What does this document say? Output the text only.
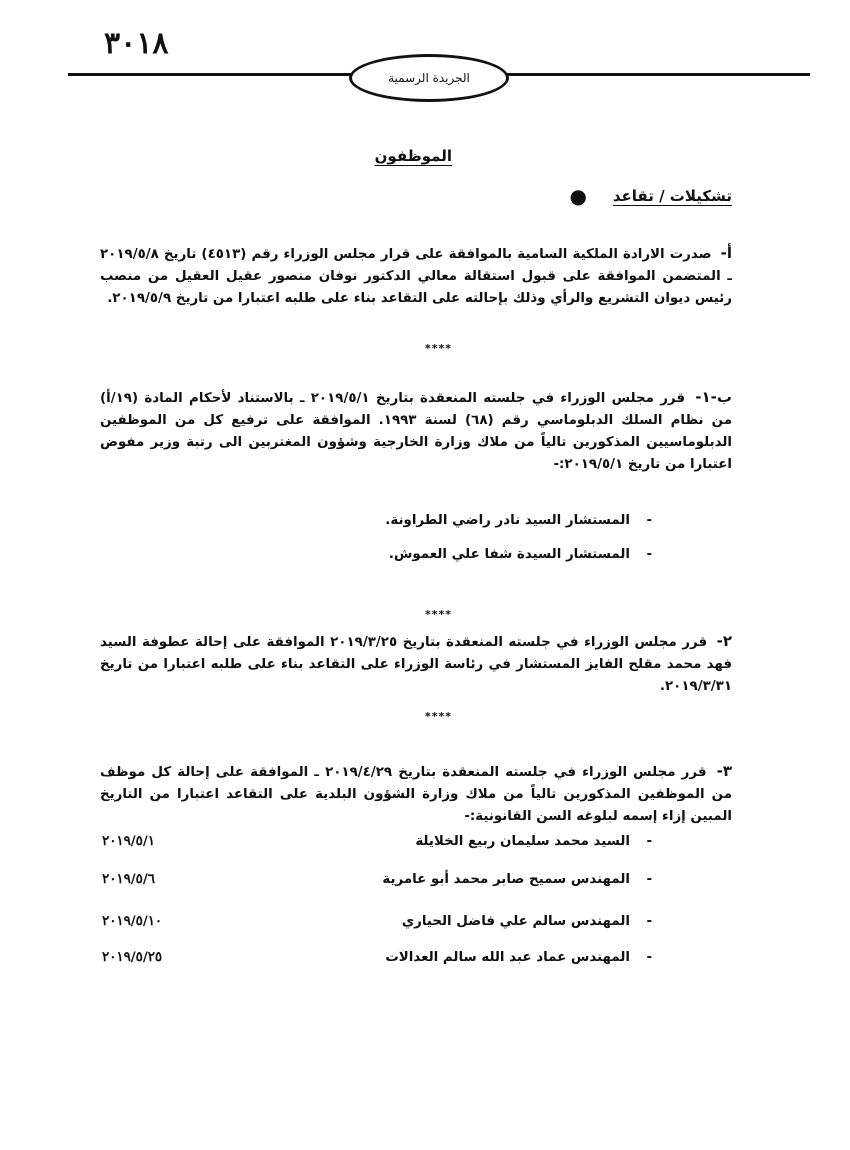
٣٠١٨
الجريدة الرسمية
الموظفون
تشكيلات / تقاعد
●
أ- صدرت الارادة الملكية السامية بالموافقة على قرار مجلس الوزراء رقم (٤٥١٣) تاريخ ٢٠١٩/٥/٨ ـ المتضمن الموافقة على قبول استقالة معالي الدكتور نوفان منصور عقيل العقيل من منصب رئيس ديوان التشريع والرأي وذلك بإحالته على التقاعد بناء على طلبه اعتبارا من تاريخ ٢٠١٩/٥/٩.
****
ب-١- قرر مجلس الوزراء في جلسته المنعقدة بتاريخ ٢٠١٩/٥/١ ـ بالاستناد لأحكام المادة (١٩/أ) من نظام السلك الدبلوماسي رقم (٦٨) لسنة ١٩٩٣. الموافقة على ترفيع كل من الموظفين الدبلوماسيين المذكورين تالياً من ملاك وزارة الخارجية وشؤون المغتربين الى رتبة وزير مفوض اعتبارا من تاريخ ٢٠١٩/٥/١:-
-
المستشار السيد نادر راضي الطراونة.
-
المستشار السيدة شفا علي العموش.
****
٢- قرر مجلس الوزراء في جلسته المنعقدة بتاريخ ٢٠١٩/٣/٢٥ الموافقة على إحالة عطوفة السيد فهد محمد مقلح الفايز المستشار في رئاسة الوزراء على التقاعد بناء على طلبه اعتبارا من تاريخ ٢٠١٩/٣/٣١.
****
٣- قرر مجلس الوزراء في جلسته المنعقدة بتاريخ ٢٠١٩/٤/٢٩ ـ الموافقة على إحالة كل موظف من الموظفين المذكورين تالياً من ملاك وزارة الشؤون البلدية على التقاعد اعتبارا من التاريخ المبين إزاء إسمه لبلوغه السن القانونية:-
-
السيد محمد سليمان ربيع الخلايلة
٢٠١٩/٥/١
-
المهندس سميح صابر محمد أبو عامرية
٢٠١٩/٥/٦
-
المهندس سالم علي فاضل الحياري
٢٠١٩/٥/١٠
-
المهندس عماد عبد الله سالم العدالات
٢٠١٩/٥/٢٥
